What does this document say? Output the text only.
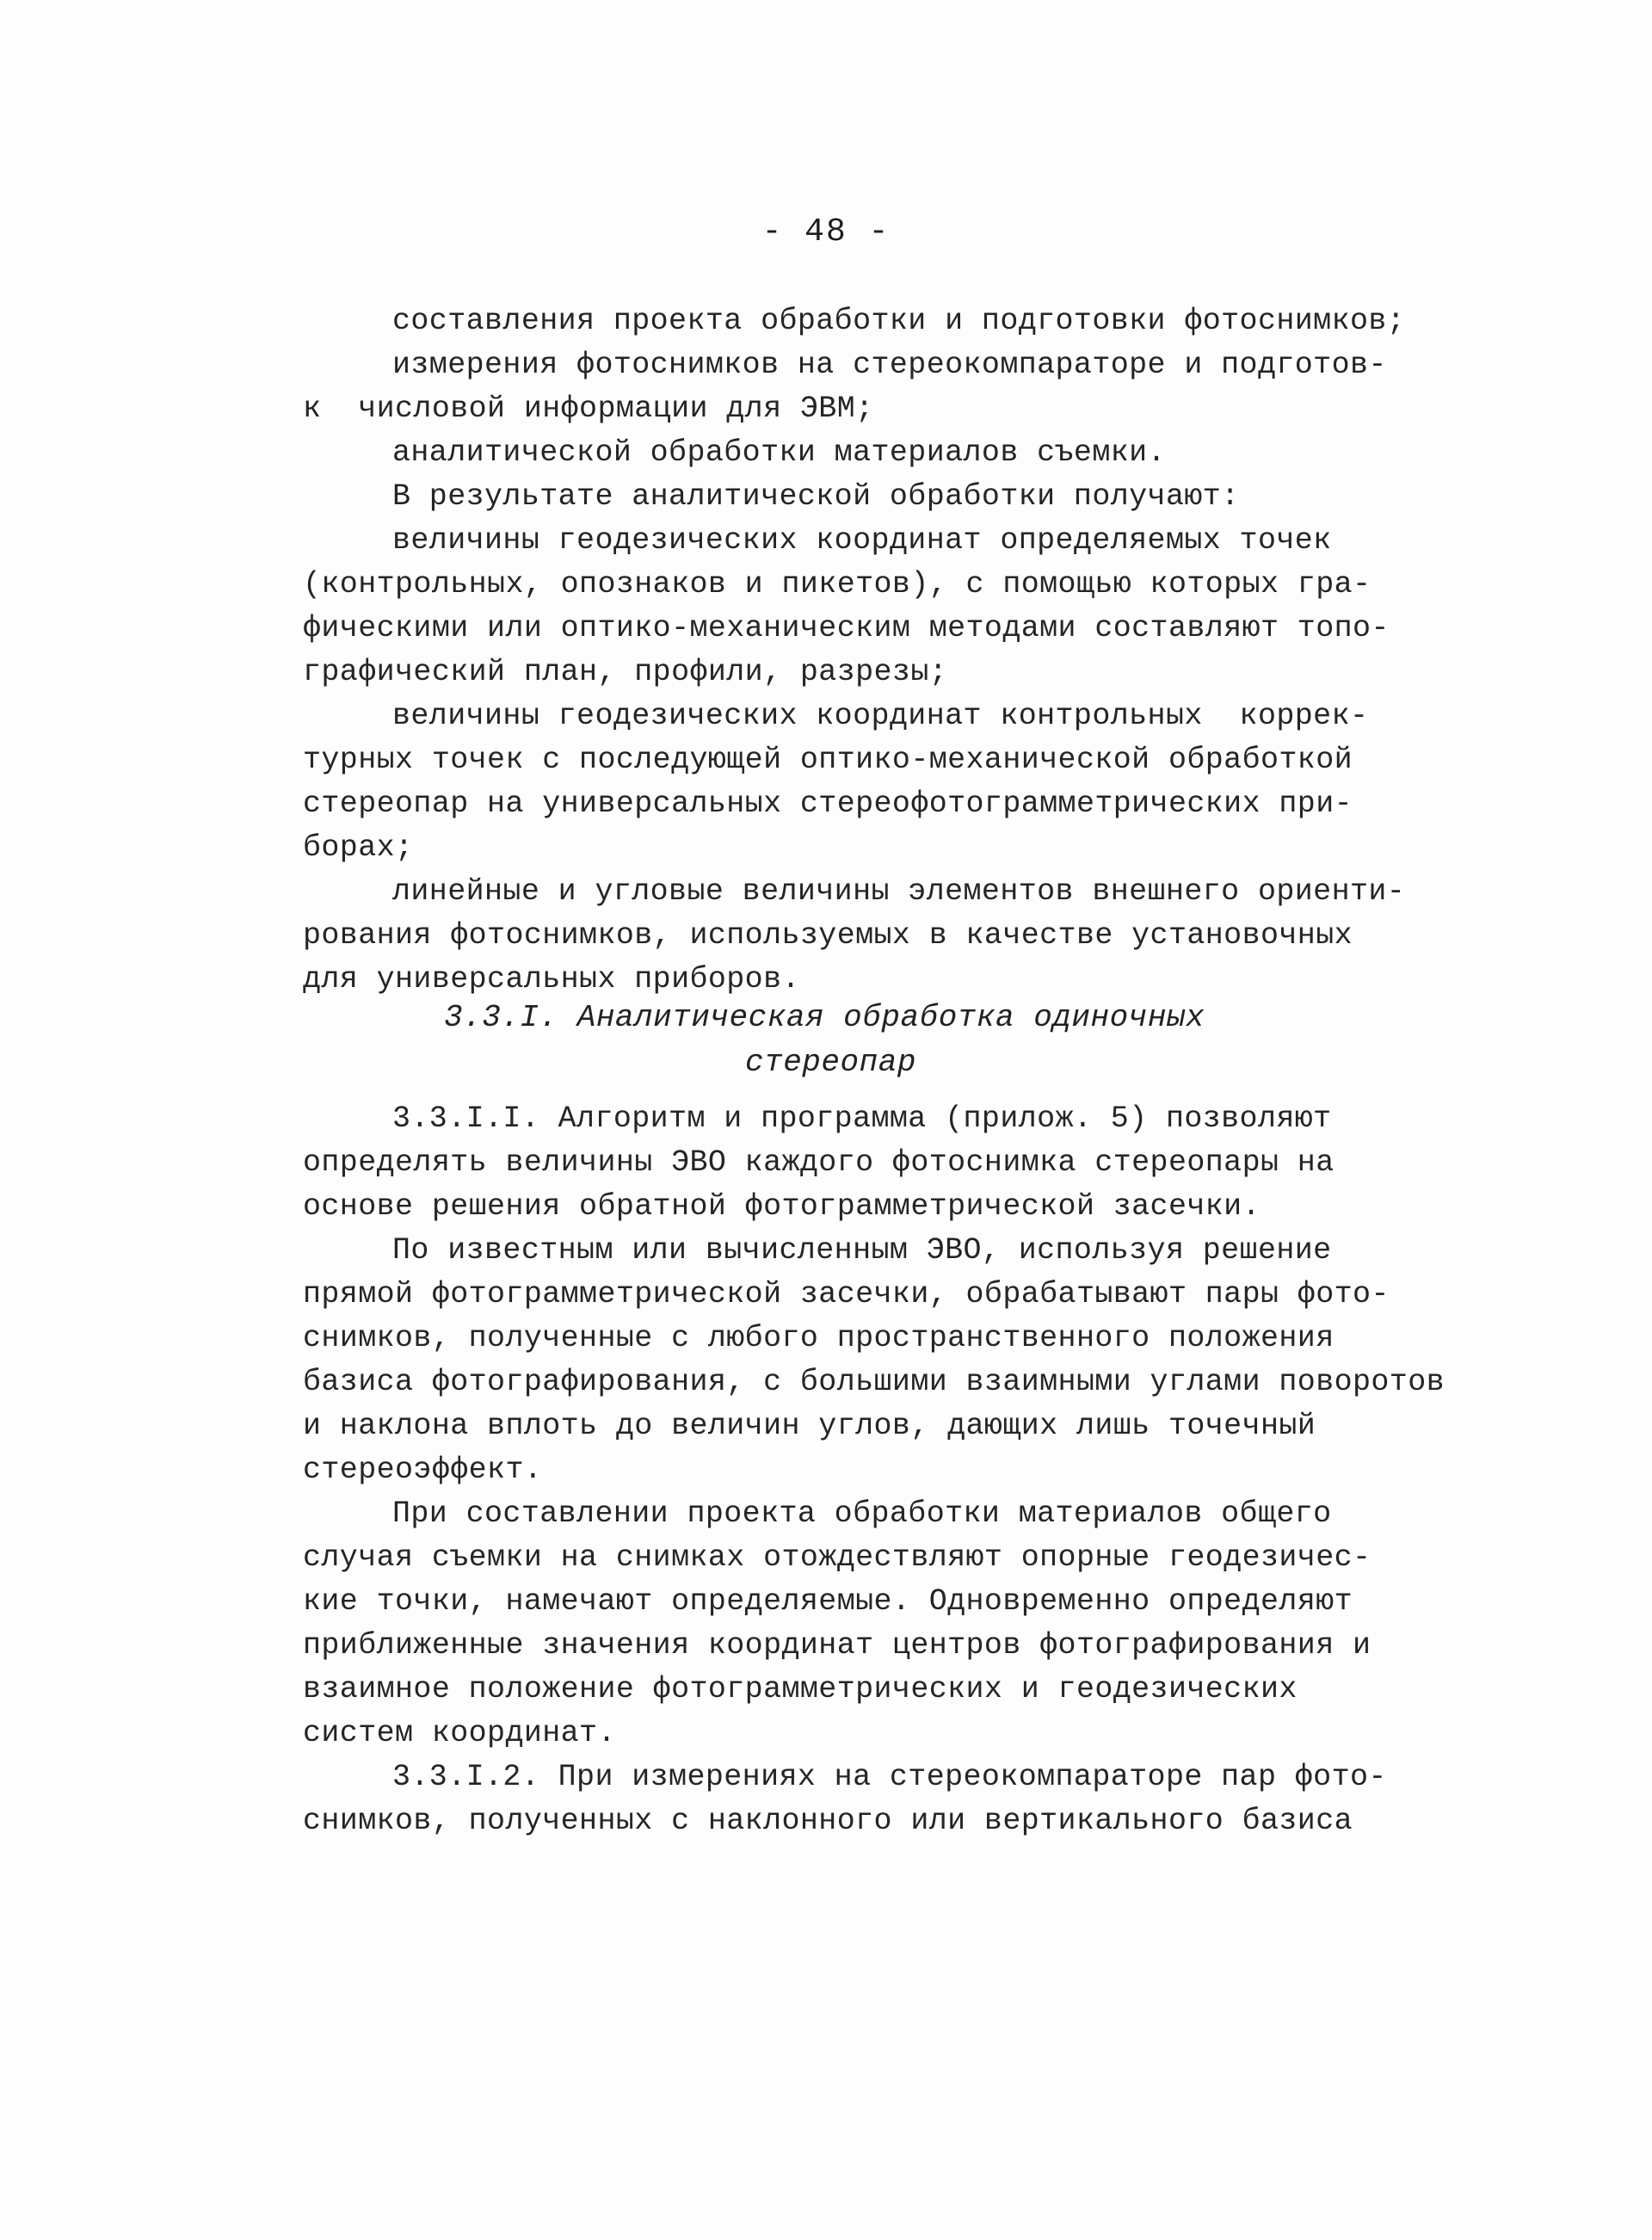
- 48 -
составления проекта обработки и подготовки фотоснимков;
измерения фотоснимков на стереокомпараторе и подготов-
к  числовой информации для ЭВМ;
аналитической обработки материалов съемки.
В результате аналитической обработки получают:
величины геодезических координат определяемых точек
(контрольных, опознаков и пикетов), с помощью которых гра-
фическими или оптико-механическим методами составляют топо-
графический план, профили, разрезы;
величины геодезических координат контрольных  коррек-
турных точек с последующей оптико-механической обработкой
стереопар на универсальных стереофотограмметрических при-
борах;
линейные и угловые величины элементов внешнего ориенти-
рования фотоснимков, используемых в качестве установочных
для универсальных приборов.
3.3.I. Аналитическая обработка одиночных
стереопар
3.3.I.I. Алгоритм и программа (прилож. 5) позволяют
определять величины ЭВО каждого фотоснимка стереопары на
основе решения обратной фотограмметрической засечки.
По известным или вычисленным ЭВО, используя решение
прямой фотограмметрической засечки, обрабатывают пары фото-
снимков, полученные с любого пространственного положения
базиса фотографирования, с большими взаимными углами поворотов
и наклона вплоть до величин углов, дающих лишь точечный
стереоэффект.
При составлении проекта обработки материалов общего
случая съемки на снимках отождествляют опорные геодезичес-
кие точки, намечают определяемые. Одновременно определяют
приближенные значения координат центров фотографирования и
взаимное положение фотограмметрических и геодезических
систем координат.
3.3.I.2. При измерениях на стереокомпараторе пар фото-
снимков, полученных с наклонного или вертикального базиса
